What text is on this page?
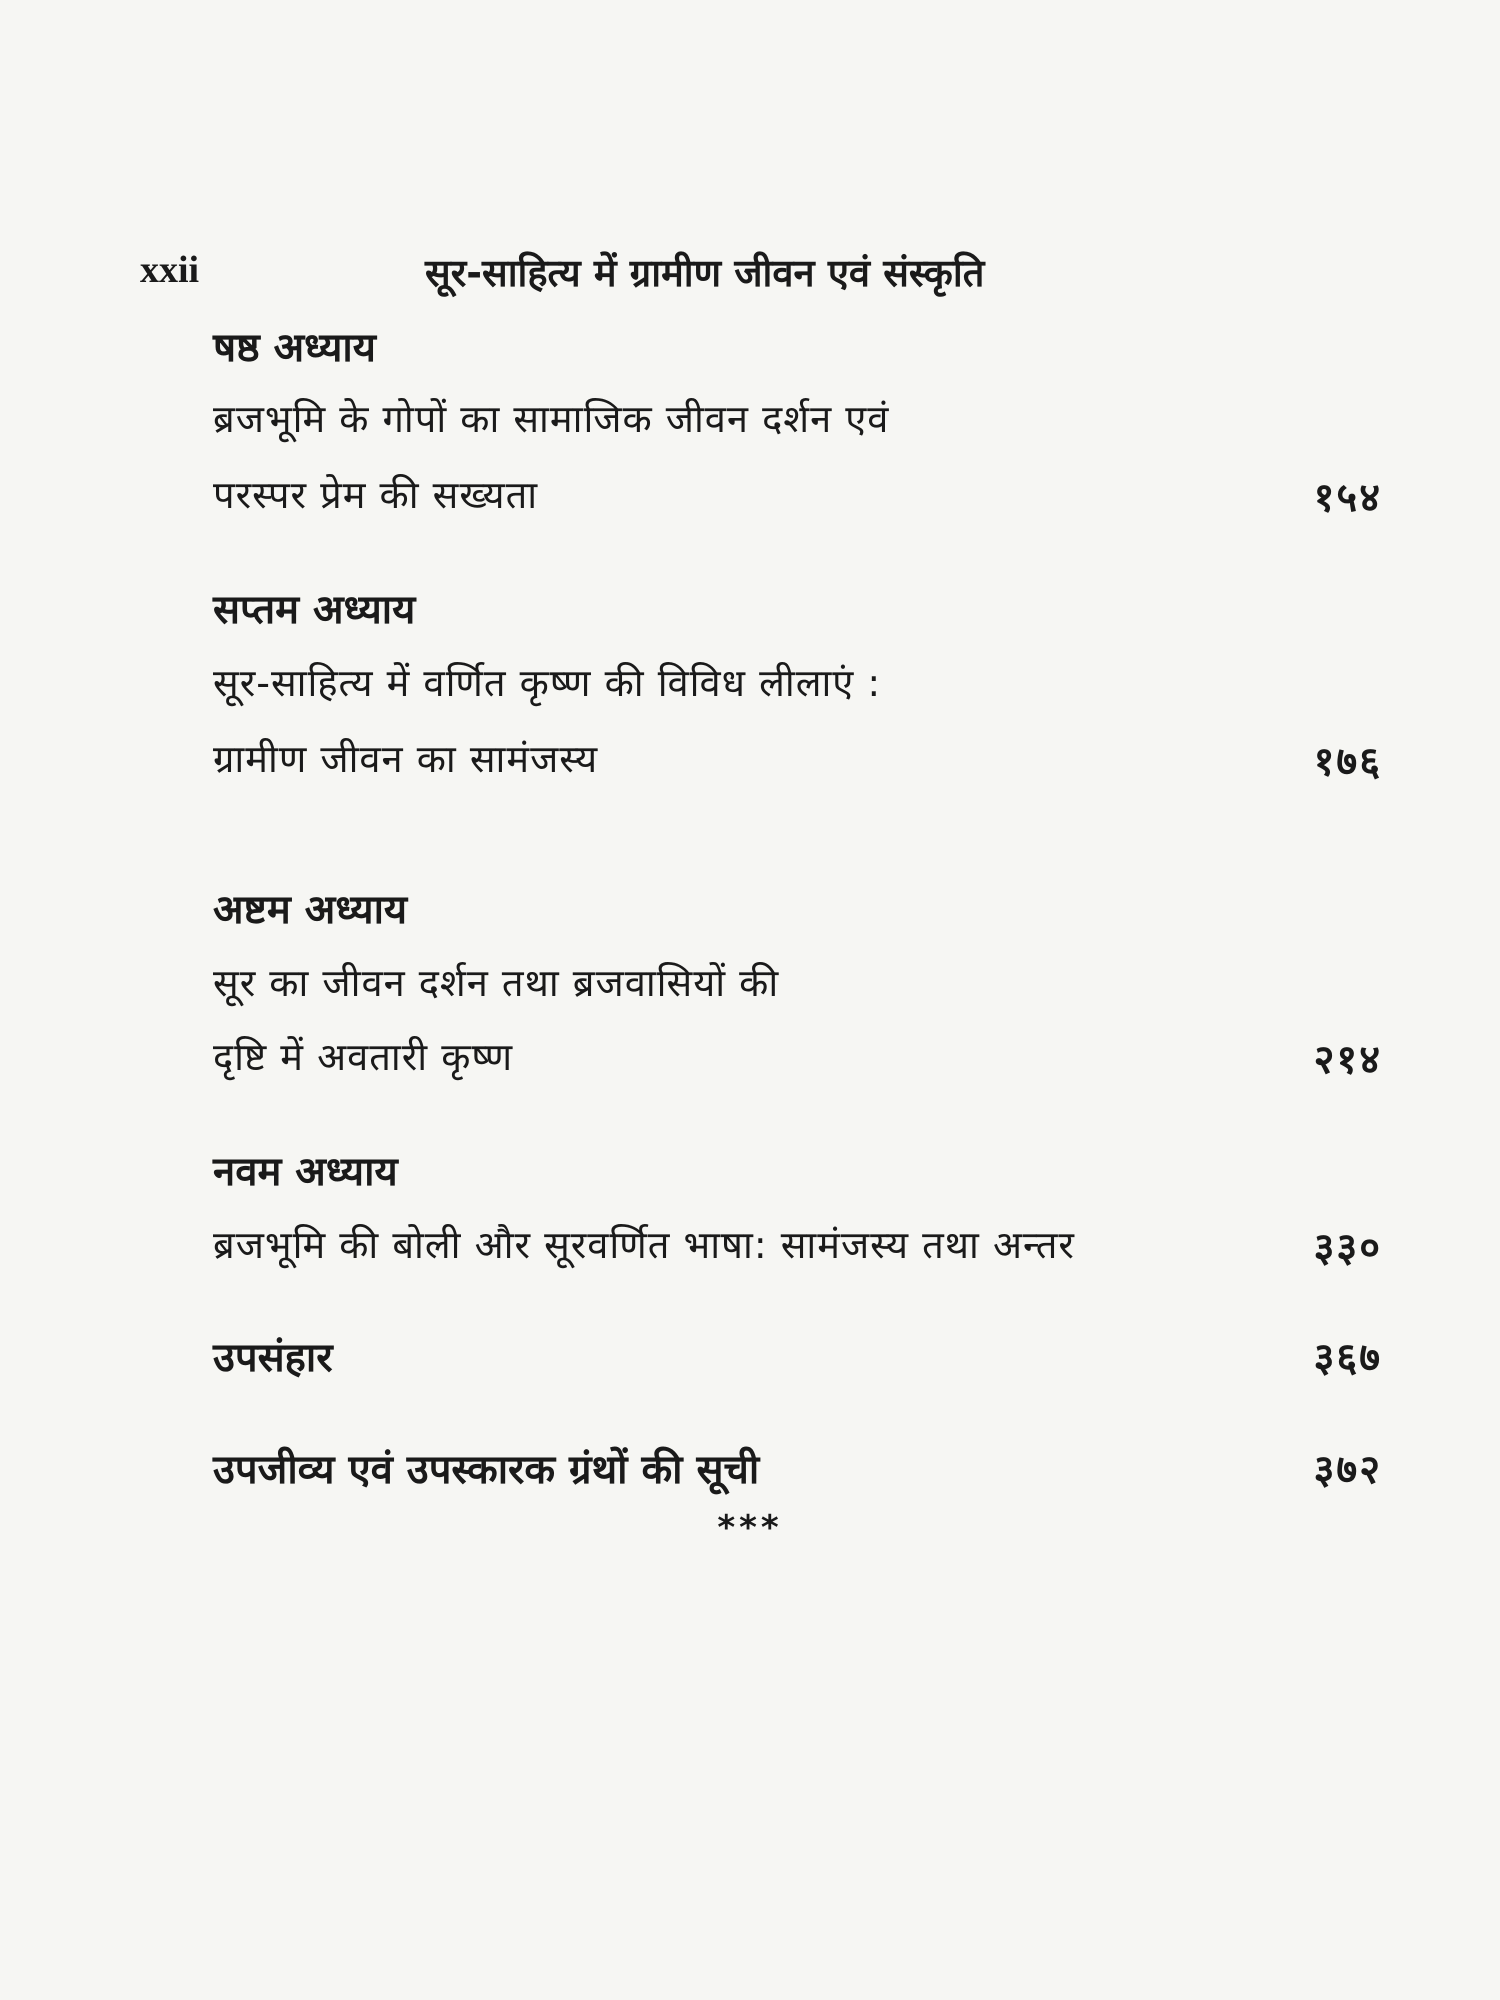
xxii	सूर-साहित्य में ग्रामीण जीवन एवं संस्कृति
षष्ठ अध्याय
ब्रजभूमि के गोपों का सामाजिक जीवन दर्शन एवं
परस्पर प्रेम की सख्यता	१५४
सप्तम अध्याय
सूर-साहित्य में वर्णित कृष्ण की विविध लीलाएं :
ग्रामीण जीवन का सामंजस्य	१७६
अष्टम अध्याय
सूर का जीवन दर्शन तथा ब्रजवासियों की
दृष्टि में अवतारी कृष्ण	२१४
नवम अध्याय
ब्रजभूमि की बोली और सूरवर्णित भाषा: सामंजस्य तथा अन्तर	३३०
उपसंहार	३६७
उपजीव्य एवं उपस्कारक ग्रंथों की सूची	३७२
***
